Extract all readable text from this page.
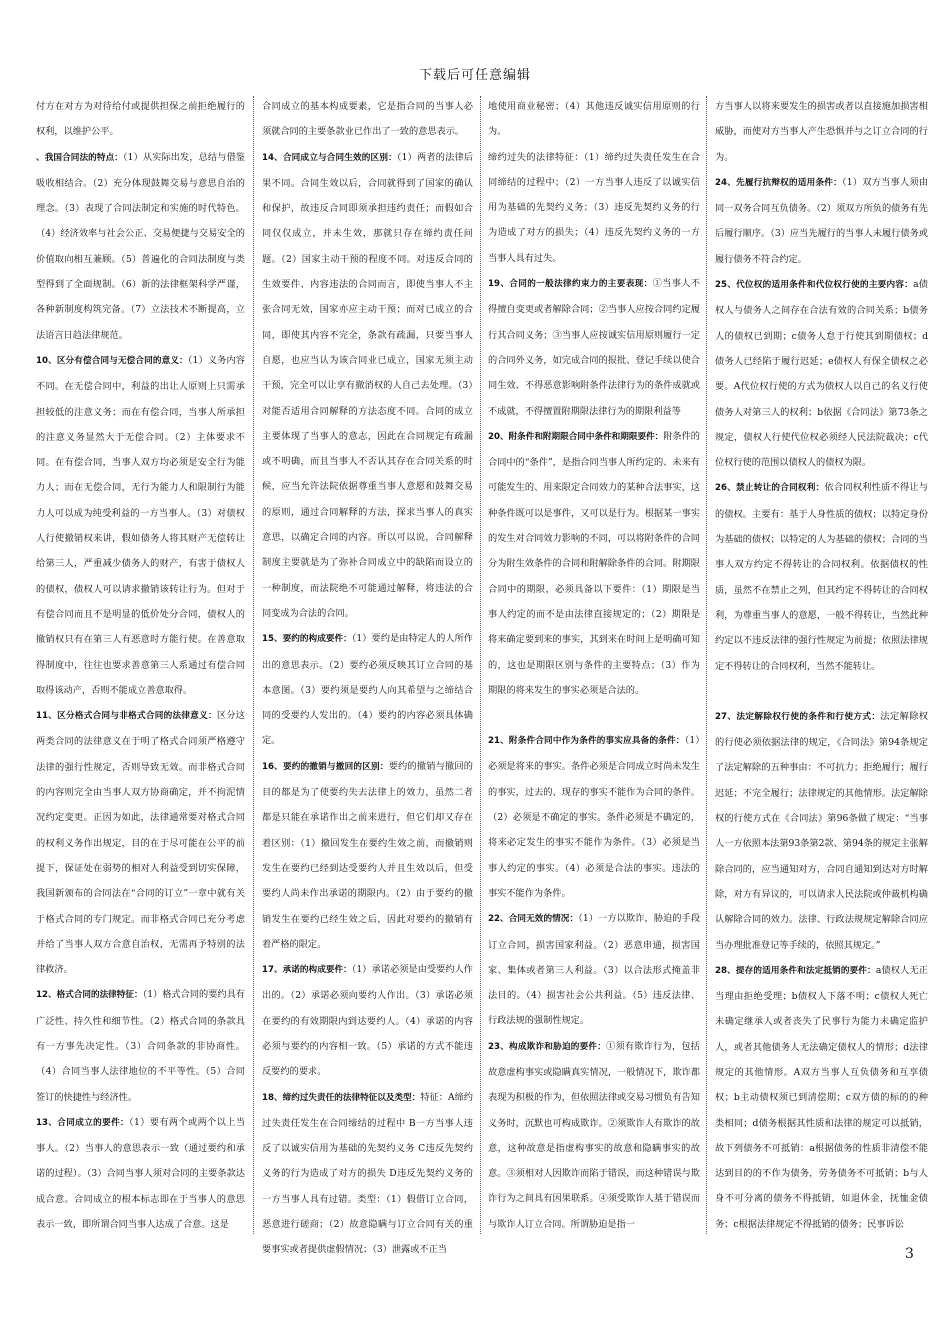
下载后可任意编辑

付方在对方为对待给付或提供担保之前拒绝履行的权利，以维护公平。

、我国合同法的特点：（1）从实际出发，总结与借鉴吸收相结合。（2）充分体现鼓舞交易与意思自治的理念。（3）表现了合同法制定和实施的时代特色。（4）经济效率与社会公正、交易便捷与交易安全的价值取向相互兼顾。（5）普遍化的合同法制度与类型得到了全面规制。（6）新的法律框架科学严谨，各种新制度构筑完备。（7）立法技术不断提高，立法语言日趋法律规范。

10、区分有偿合同与无偿合同的意义：（1）义务内容不同。在无偿合同中，利益的出让人原则上只需承担较低的注意义务；而在有偿合同，当事人所承担的注意义务显然大于无偿合同。（2）主体要求不同。在有偿合同，当事人双方均必须是安全行为能力人；而在无偿合同，无行为能力人和限制行为能力人可以成为纯受利益的一方当事人。（3）对债权人行使撤销权来讲，假如债务人将其财产无偿转让给第三人，严重减少债务人的财产，有害于债权人的债权，债权人可以请求撤销该转让行为。但对于有偿合同而且不是明显的低价处分合同，债权人的撤销权只有在第三人有恶意时方能行使。在善意取得制度中，往往也要求善意第三人系通过有偿合同取得该动产，否则不能成立善意取得。

11、区分格式合同与非格式合同的法律意义：区分这两类合同的法律意义在于明了格式合同须严格遵守法律的强行性规定，否则导致无效。而非格式合同的内容则完全由当事人双方协商确定，并不拘泥情况约定变更。正因为如此，法律通常要对格式合同的权利义务作出规定，目的在于尽可能在公平的前提下，保证处在弱势的相对人利益受到切实保障，我国新颁布的合同法在“合同的订立”一章中就有关于格式合同的专门规定。而非格式合同已充分考虑并给了当事人双方合意自治权，无需再予特别的法律救济。

12、格式合同的法律特征：（1）格式合同的要约具有广泛性、持久性和细节性。（2）格式合同的条款具有一方事先决定性。（3）合同条款的非协商性。（4）合同当事人法律地位的不平等性。（5）合同签订的快捷性与经济性。

13、合同成立的要件：（1）要有两个或两个以上当事人。（2）当事人的意思表示一致（通过要约和承诺的过程）。（3）合同当事人须对合同的主要条款达成合意。合同成立的根本标志即在于当事人的意思表示一致，即所谓合同当事人达成了合意。这是

合同成立的基本构成要素，它是指合同的当事人必须就合同的主要条款业已作出了一致的意思表示。

14、合同成立与合同生效的区别：（1）两者的法律后果不同。合同生效以后，合同就得到了国家的确认和保护，故违反合同即须承担违约责任；而假如合同仅仅成立，并未生效，那就只存在缔约责任问题。（2）国家主动干预的程度不同。对违反合同的生效要件、内容违法的合同而言，即使当事人不主张合同无效，国家亦应主动干预；而对已成立的合同，即使其内容不完全，条款有疏漏，只要当事人自愿，也应当认为该合同业已成立，国家无须主动干预，完全可以让享有撤消权的人自己去处理。（3）对能否适用合同解释的方法态度不同。合同的成立主要体现了当事人的意志，因此在合同规定有疏漏或不明确，而且当事人不否认其存在合同关系的时候，应当允许法院依据尊重当事人意愿和鼓舞交易的原则，通过合同解释的方法，探求当事人的真实意思，以确定合同的内容。所以可以说，合同解释制度主要就是为了弥补合同成立中的缺陷而设立的一种制度，而法院绝不可能通过解释，将违法的合同变成为合法的合同。

15、要约的构成要件：（1）要约是由特定人的人所作出的意思表示。（2）要约必须反映其订立合同的基本意图。（3）要约须是要约人向其希望与之缔结合同的受要约人发出的。（4）要约的内容必须具体确定。

16、要约的撤销与撤回的区别：要约的撤销与撤回的目的都是为了使要约失去法律上的效力，虽然二者都是只能在承诺作出之前来进行，但它们却又存在着区别：（1）撤回发生在要约生效之前，而撤销则发生在要约已经到达受要约人并且生效以后，但受要约人尚未作出承诺的期限内。（2）由于要约的撤销发生在要约已经生效之后，因此对要约的撤销有着严格的限定。

17、承诺的构成要件：（1）承诺必须是由受要约人作出的。（2）承诺必须向要约人作出。（3）承诺必须在要约的有效期限内到达要约人。（4）承诺的内容必须与要约的内容相一致。（5）承诺的方式不能违反要约的要求。

18、缔约过失责任的法律特征以及类型：特征：A缔约过失责任发生在合同缔结的过程中 B一方当事人违反了以诚实信用为基础的先契约义务 C违反先契约义务的行为造成了对方的损失 D违反先契约义务的一方当事人具有过错。类型：（1）假借订立合同，恶意进行磋商；（2）故意隐瞒与订立合同有关的重要事实或者提供虚假情况；（3）泄露或不正当

地使用商业秘密；（4）其他违反诚实信用原则的行为。

缔约过失的法律特征：（1）缔约过失责任发生在合同缔结的过程中；（2）一方当事人违反了以诚实信用为基础的先契约义务；（3）违反先契约义务的行为造成了对方的损失；（4）违反先契约义务的一方当事人具有过失。

19、合同的一般法律约束力的主要表现：①当事人不得擅自变更或者解除合同；②当事人应按合同约定履行其合同义务；③当事人应按诚实信用原则履行一定的合同外义务，如完成合同的报批、登记手续以使合同生效、不得恶意影响附条件法律行为的条件成就或不成就，不得擅置附期限法律行为的期限利益等

20、附条件和附期限合同中条件和期限要件：附条件的合同中的“条件”，是指合同当事人所约定的、未来有可能发生的、用来限定合同效力的某种合法事实，这种条件既可以是事件，又可以是行为。根据某一事实的发生对合同效力影响的不同，可以将附条件的合同分为附生效条件的合同和附解除条件的合同。附期限合同中的期限，必须具备以下要件：（1）期限是当事人约定的而不是由法律直接规定的；（2）期限是将来确定要到来的事实，其到来在时间上是明确可知的，这也是期限区别与条件的主要特点；（3）作为期限的将来发生的事实必须是合法的。

21、附条件合同中作为条件的事实应具备的条件：（1）必须是将来的事实。条件必须是合同成立时尚未发生的事实，过去的、现存的事实不能作为合同的条件。（2）必须是不确定的事实。条件必须是不确定的，将来必定发生的事实不能作为条件。（3）必须是当事人约定的事实。（4）必须是合法的事实。违法的事实不能作为条件。

22、合同无效的情况：（1）一方以欺诈，胁迫的手段订立合同，损害国家利益。（2）恶意串通，损害国家、集体或者第三人利益。（3）以合法形式掩盖非法目的。（4）损害社会公共利益。（5）违反法律、行政法规的强制性规定。

23、构成欺诈和胁迫的要件：①须有欺诈行为，包括故意虚构事实或隐瞒真实情况，一般情况下，欺诈都表现为积极的作为，但依照法律或交易习惯负有告知义务时，沉默也可构成欺诈。②须欺诈人有欺诈的故意，这种故意是指虚构事实的故意和隐瞒事实的故意。③须相对人因欺诈而陷于错误，而这种错误与欺诈行为之间具有因果联系。④须受欺诈人基于错误而与欺诈人订立合同。所谓胁迫是指一

方当事人以将来要发生的损害或者以直接施加损害相威胁，而使对方当事人产生恐惧并与之订立合同的行为。

24、先履行抗辩权的适用条件：（1）双方当事人须由同一双务合同互负债务。（2）须双方所负的债务有先后履行顺序。（3）应当先履行的当事人未履行债务或履行债务不符合约定。

25、代位权的适用条件和代位权行使的主要内容：a债权人与债务人之间存在合法有效的合同关系；b债务人的债权已到期；c债务人怠于行使其到期债权；d债务人已经陷于履行迟延；e债权人有保全债权之必要。A代位权行使的方式为债权人以自己的名义行使债务人对第三人的权利；b依据《合同法》第73条之规定，债权人行使代位权必须经人民法院裁决；c代位权行使的范围以债权人的债权为限。

26、禁止转让的合同权利：依合同权利性质不得让与的债权。主要有：基于人身性质的债权；以特定身份为基础的债权；以特定的人为基础的债权；合同的当事人双方约定不得转让的合同权利。依据债权的性质，虽然不在禁止之列，但其约定不得转让的合同权利，为尊重当事人的意愿，一般不得转让，当然此种约定以不违反法律的强行性规定为前提；依照法律规定不得转让的合同权利，当然不能转让。

27、法定解除权行使的条件和行使方式：法定解除权的行使必须依据法律的规定，《合同法》第94条规定了法定解除的五种事由：不可抗力；拒绝履行；履行迟延；不完全履行；法律规定的其他情形。法定解除权的行使方式在《合同法》第96条做了规定：“当事人一方依照本法第93条第2款、第94条的规定主张解除合同的，应当通知对方，合同自通知到达对方时解除，对方有异议的，可以请求人民法院或仲裁机构确认解除合同的效力。法律、行政法规规定解除合同应当办理批准登记等手续的，依照其规定。”

28、提存的适用条件和法定抵销的要件：a债权人无正当理由拒绝受理；b债权人下落不明；c债权人死亡未确定继承人或者丧失了民事行为能力未确定监护人，或者其他债务人无法确定债权人的情形；d法律规定的其他情形。A双方当事人互负债务和互享债权；b主动债权须已到清偿期；c双方债的标的的种类相同；d债务根据其性质和法律的规定可以抵销，故下列债务不可抵销：a根据债务的性质非清偿不能达到目的的不作为债务，劳务债务不可抵销；b与人身不可分离的债务不得抵销，如退休金，抚恤金债务；c根据法律规定不得抵销的债务；民事诉讼

3
